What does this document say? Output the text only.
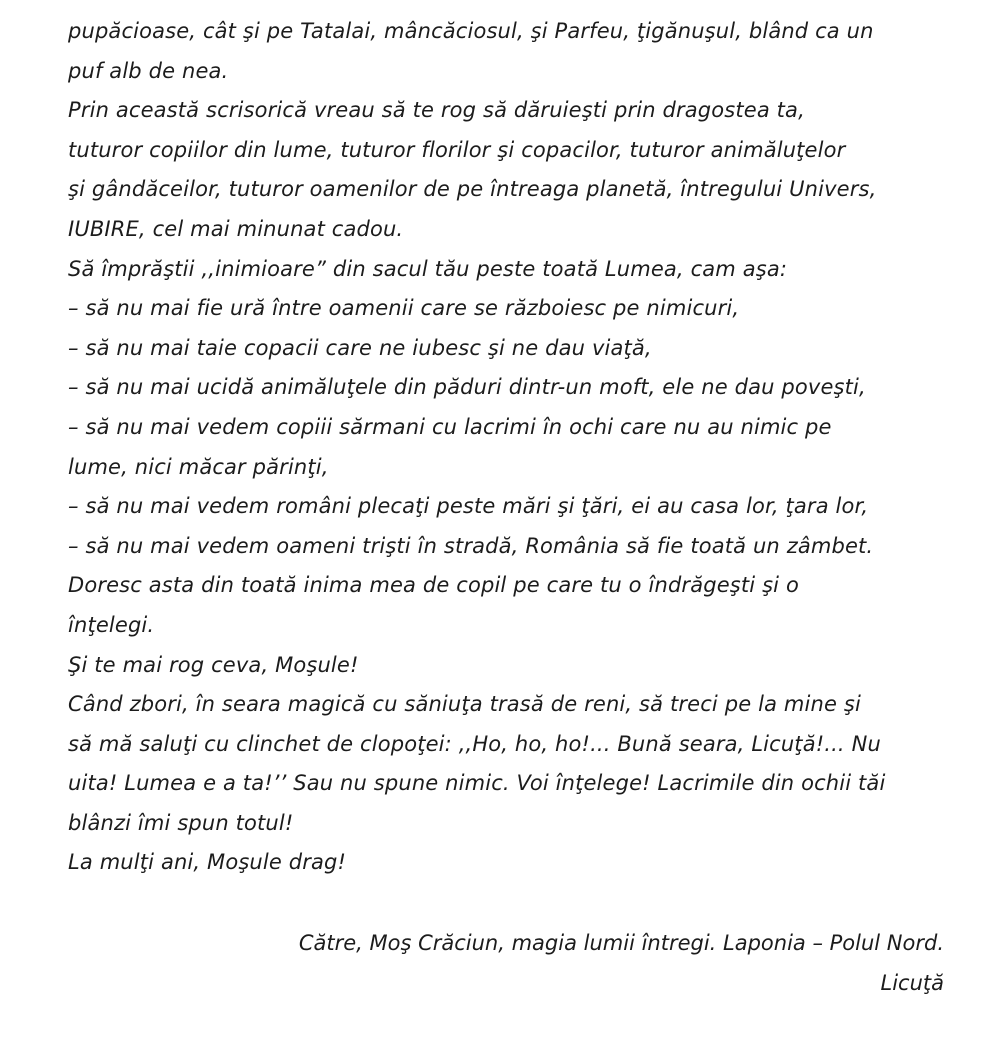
pupăcioase, cât şi pe Tatalai, mâncăciosul, şi Parfeu, ţigănuşul, blând ca un
puf alb de nea.
Prin această scrisorică vreau să te rog să dăruieşti prin dragostea ta,
tuturor copiilor din lume, tuturor florilor şi copacilor, tuturor animăluţelor
şi gândăceilor, tuturor oamenilor de pe întreaga planetă, întregului Univers,
IUBIRE, cel mai minunat cadou.
Să împrăştii ,,inimioare” din sacul tău peste toată Lumea, cam aşa:
– să nu mai fie ură între oamenii care se războiesc pe nimicuri,
– să nu mai taie copacii care ne iubesc şi ne dau viaţă,
– să nu mai ucidă animăluţele din păduri dintr-un moft, ele ne dau poveşti,
– să nu mai vedem copiii sărmani cu lacrimi în ochi care nu au nimic pe
lume, nici măcar părinţi,
– să nu mai vedem români plecaţi peste mări şi ţări, ei au casa lor, ţara lor,
– să nu mai vedem oameni trişti în stradă, România să fie toată un zâmbet.
Doresc asta din toată inima mea de copil pe care tu o îndrăgeşti şi o
înţelegi.
Şi te mai rog ceva, Moşule!
Când zbori, în seara magică cu săniuţa trasă de reni, să treci pe la mine şi
să mă saluţi cu clinchet de clopoţei: ,,Ho, ho, ho!... Bună seara, Licuţă!... Nu
uita! Lumea e a ta!’’ Sau nu spune nimic. Voi înţelege! Lacrimile din ochii tăi
blânzi îmi spun totul!
La mulţi ani, Moşule drag!
Către, Moş Crăciun, magia lumii întregi. Laponia – Polul Nord.
Licuţă
